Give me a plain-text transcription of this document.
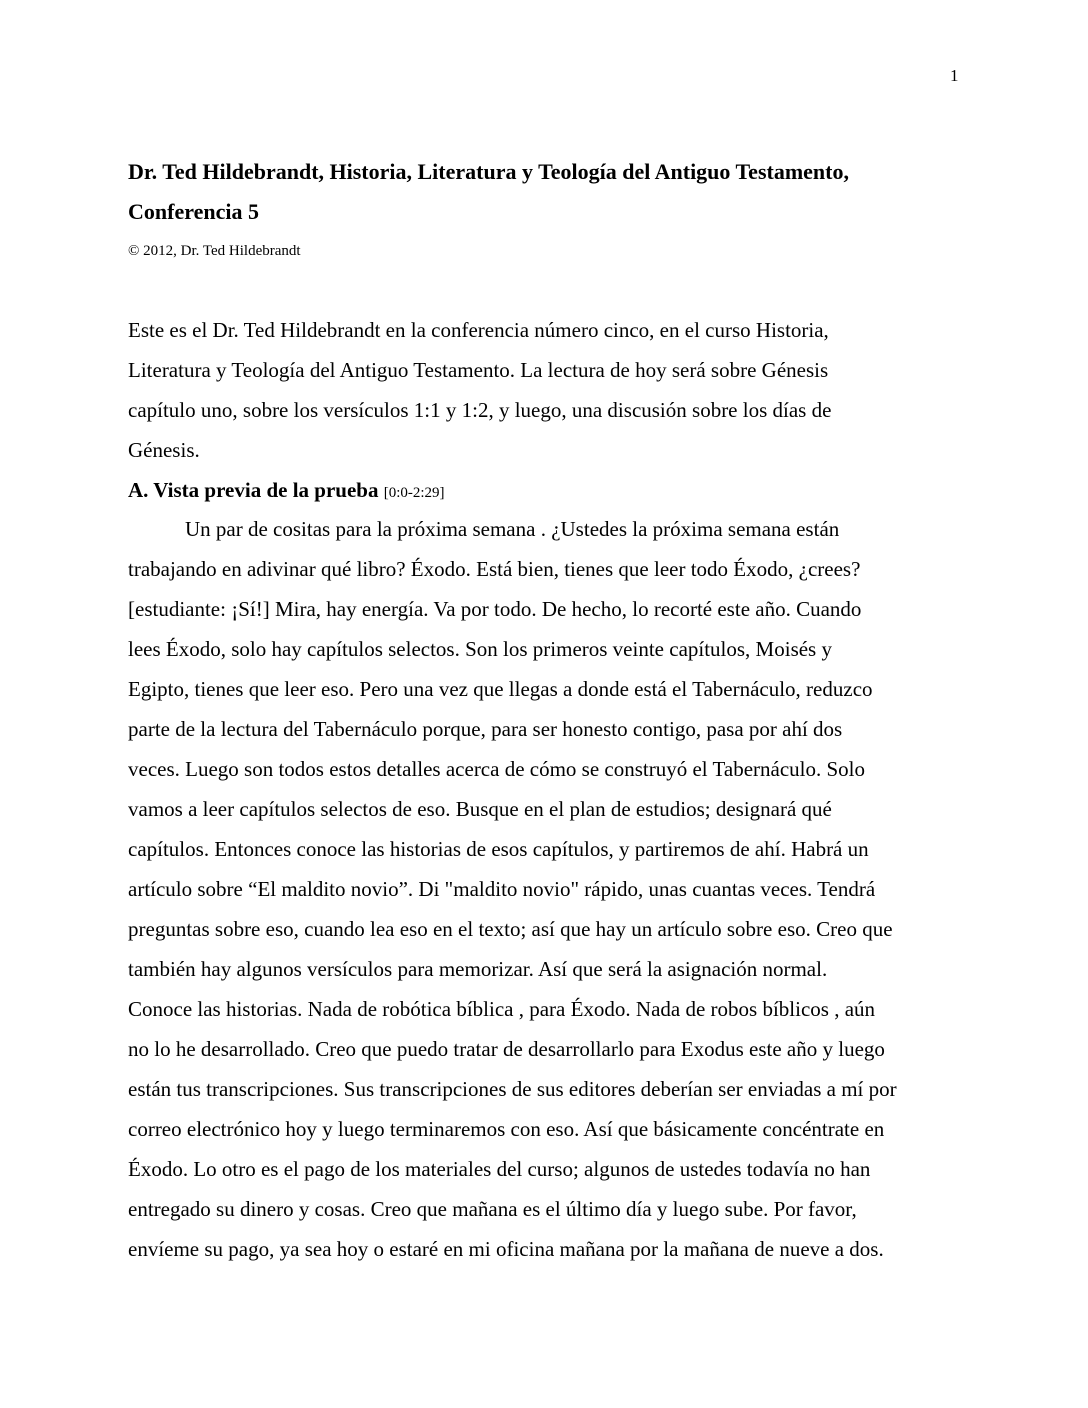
1
Dr. Ted Hildebrandt, Historia, Literatura y Teología del Antiguo Testamento,
Conferencia 5
© 2012, Dr. Ted Hildebrandt
Este es el Dr. Ted Hildebrandt en la conferencia número cinco, en el curso Historia,
Literatura y Teología del Antiguo Testamento. La lectura de hoy será sobre Génesis
capítulo uno, sobre los versículos 1:1 y 1:2, y luego, una discusión sobre los días de
Génesis.
A. Vista previa de la prueba [0:0-2:29]
Un par de cositas para la próxima semana . ¿Ustedes la próxima semana están
trabajando en adivinar qué libro? Éxodo. Está bien, tienes que leer todo Éxodo, ¿crees?
[estudiante: ¡Sí!] Mira, hay energía. Va por todo. De hecho, lo recorté este año. Cuando
lees Éxodo, solo hay capítulos selectos. Son los primeros veinte capítulos, Moisés y
Egipto, tienes que leer eso. Pero una vez que llegas a donde está el Tabernáculo, reduzco
parte de la lectura del Tabernáculo porque, para ser honesto contigo, pasa por ahí dos
veces. Luego son todos estos detalles acerca de cómo se construyó el Tabernáculo. Solo
vamos a leer capítulos selectos de eso. Busque en el plan de estudios; designará qué
capítulos. Entonces conoce las historias de esos capítulos, y partiremos de ahí. Habrá un
artículo sobre “El maldito novio”. Di "maldito novio" rápido, unas cuantas veces. Tendrá
preguntas sobre eso, cuando lea eso en el texto; así que hay un artículo sobre eso. Creo que
también hay algunos versículos para memorizar. Así que será la asignación normal.
Conoce las historias. Nada de robótica bíblica , para Éxodo. Nada de robos bíblicos , aún
no lo he desarrollado. Creo que puedo tratar de desarrollarlo para Exodus este año y luego
están tus transcripciones. Sus transcripciones de sus editores deberían ser enviadas a mí por
correo electrónico hoy y luego terminaremos con eso. Así que básicamente concéntrate en
Éxodo. Lo otro es el pago de los materiales del curso; algunos de ustedes todavía no han
entregado su dinero y cosas. Creo que mañana es el último día y luego sube. Por favor,
envíeme su pago, ya sea hoy o estaré en mi oficina mañana por la mañana de nueve a dos.
